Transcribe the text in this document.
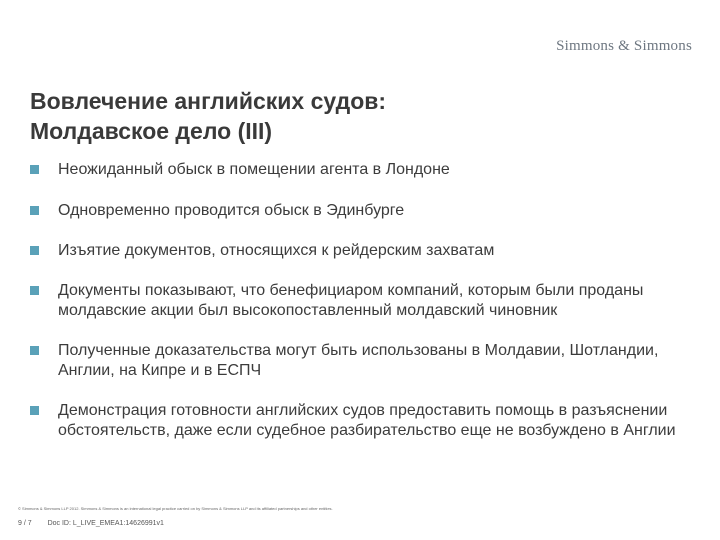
Simmons & Simmons
Вовлечение английских судов:
Молдавское дело (III)
Неожиданный обыск в помещении агента в Лондоне
Одновременно проводится обыск в Эдинбурге
Изъятие документов, относящихся к рейдерским захватам
Документы показывают, что бенефициаром компаний, которым были проданы молдавские акции был высокопоставленный молдавский чиновник
Полученные доказательства могут быть использованы в Молдавии, Шотландии, Англии, на Кипре и в ЕСПЧ
Демонстрация готовности английских судов предоставить помощь в разъяснении обстоятельств, даже если судебное разбирательство еще не возбуждено в Англии
© Simmons & Simmons LLP 2012. Simmons & Simmons is an international legal practice carried on by Simmons & Simmons LLP and its affiliated partnerships and other entities.
9 / 7 Doc ID: L_LIVE_EMEA1:14626991v1
